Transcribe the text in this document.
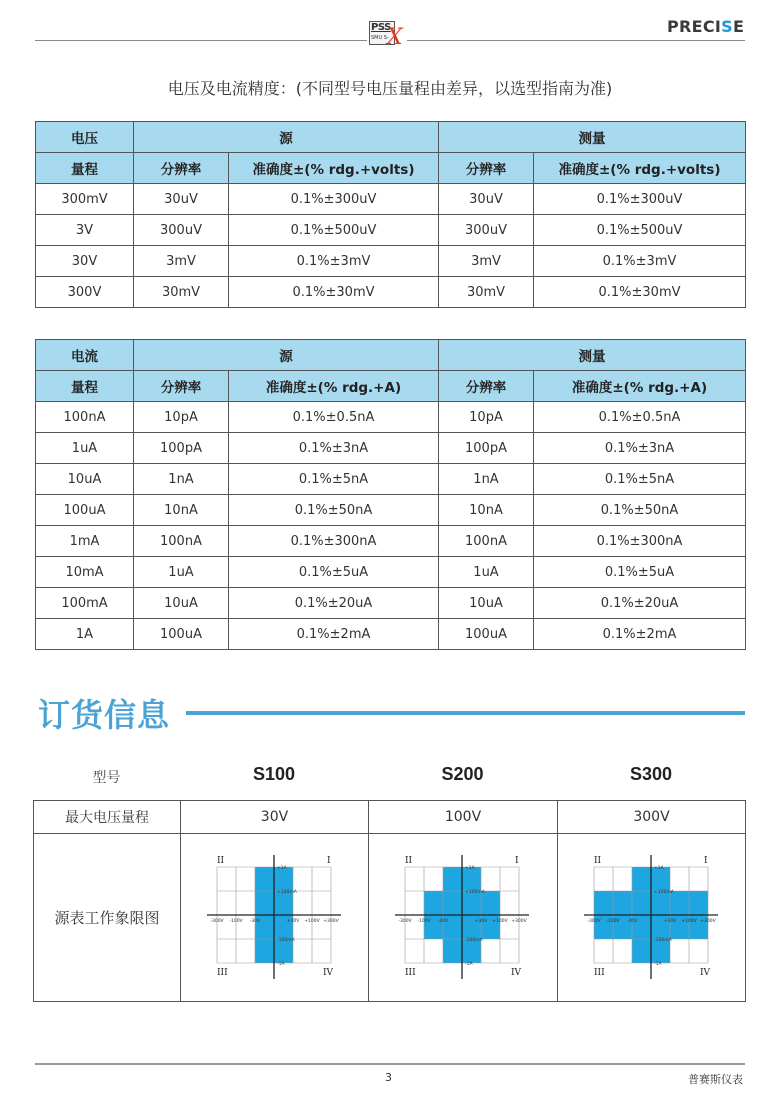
PSS
SMU S-
X	PRECISE
电压及电流精度：(不同型号电压量程由差异，以选型指南为准)
电压	源		测量	
量程	分辨率	准确度±(% rdg.+volts)	分辨率	准确度±(% rdg.+volts)
300mV	30uV	0.1%±300uV	30uV	0.1%±300uV
3V	300uV	0.1%±500uV	300uV	0.1%±500uV
30V	3mV	0.1%±3mV	3mV	0.1%±3mV
300V	30mV	0.1%±30mV	30mV	0.1%±30mV
电流	源		测量	
量程	分辨率	准确度±(% rdg.+A)	分辨率	准确度±(% rdg.+A)
100nA	10pA	0.1%±0.5nA	10pA	0.1%±0.5nA
1uA	100pA	0.1%±3nA	100pA	0.1%±3nA
10uA	1nA	0.1%±5nA	1nA	0.1%±5nA
100uA	10nA	0.1%±50nA	10nA	0.1%±50nA
1mA	100nA	0.1%±300nA	100nA	0.1%±300nA
10mA	1uA	0.1%±5uA	1uA	0.1%±5uA
100mA	10uA	0.1%±20uA	10uA	0.1%±20uA
1A	100uA	0.1%±2mA	100uA	0.1%±2mA
订货信息
型号	S100	S200	S300
最大电压量程	30V	100V	300V
源表工作象限图	-300V -100V -30V	+30V +100V +300V
+1A
+100mA
-100mA
-1A
II	I
III	IV

-300V -100V -30V	+30V +100V +300V
+1A
+100mA
-100mA
-1A
II	I
III	IV

-300V -100V -30V	+30V +100V +300V
+1A
+100mA
-100mA
-1A
II	I
III	IV
3	普赛斯仪表
